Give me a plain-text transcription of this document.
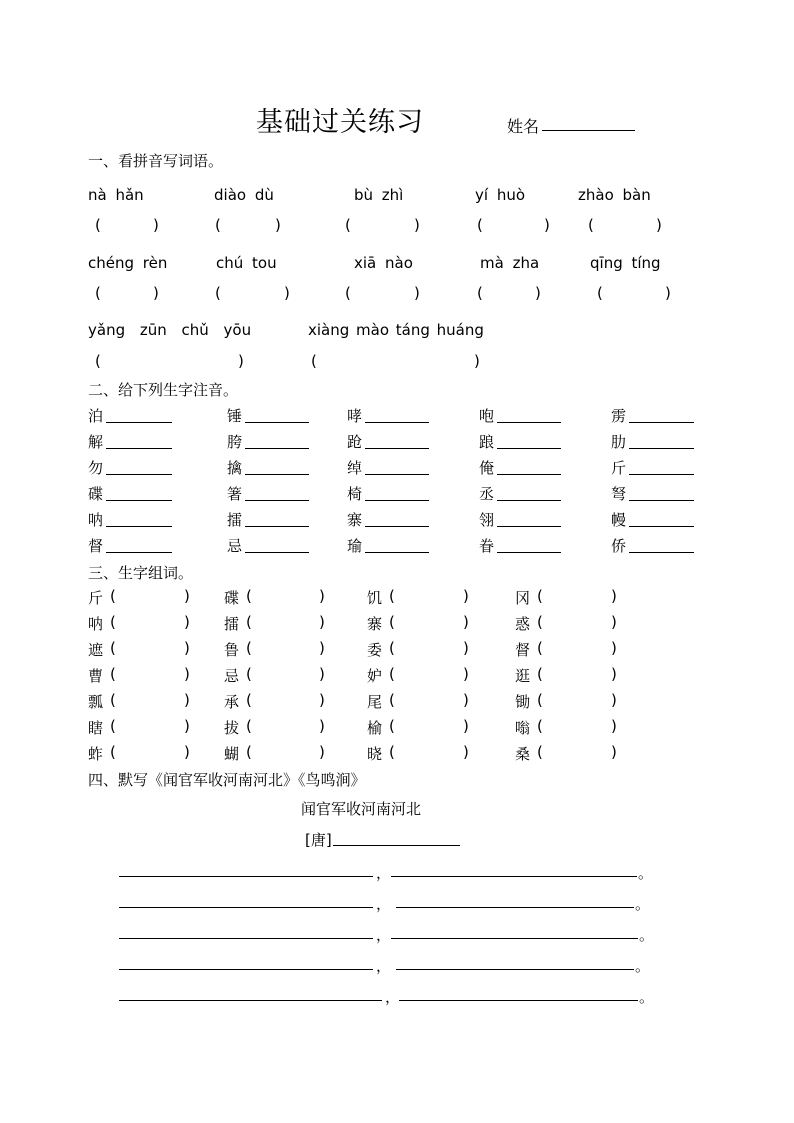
基础过关练习	姓名
一、看拼音写词语。
nà hǎn	diào dù	bù zhì	yí huò	zhào bàn
(	)	(	)	(	)	(	)	(	)
chéng rèn	chú tou	xiā nào	mà zha	qīng tíng
(	)	(	)	(	)	(	)	(	)
yǎng zūn chǔ yōu	xiàng mào táng huáng
(	)	(	)
二、给下列生字注音。
泊	锤	哮	咆	雳
解	胯	跄	踉	肋
勿	擒	绰	俺	斤
碟	箸	椅	丞	弩
呐	擂	寨	翎	幔
督	忌	瑜	眷	侨
三、生字组词。
斤 (	) 碟 (	)	饥 (	)	冈 (	)
呐 (	) 擂 (	)	寨 (	)	惑 (	)
遮 (	) 鲁 (	)	委 (	)	督 (	)
曹 (	) 忌 (	)	妒 (	)	逛 (	)
瓢 (	) 承 (	)	尾 (	)	锄 (	)
瞎 (	) 拔 (	)	榆 (	)	嗡 (	)
蚱 (	) 蝴 (	)	晓 (	)	桑 (	)
四、默写《闻官军收河南河北》《鸟鸣涧》
闻官军收河南河北
[唐]
，	。
，	。
，	。
，	。
，	。
